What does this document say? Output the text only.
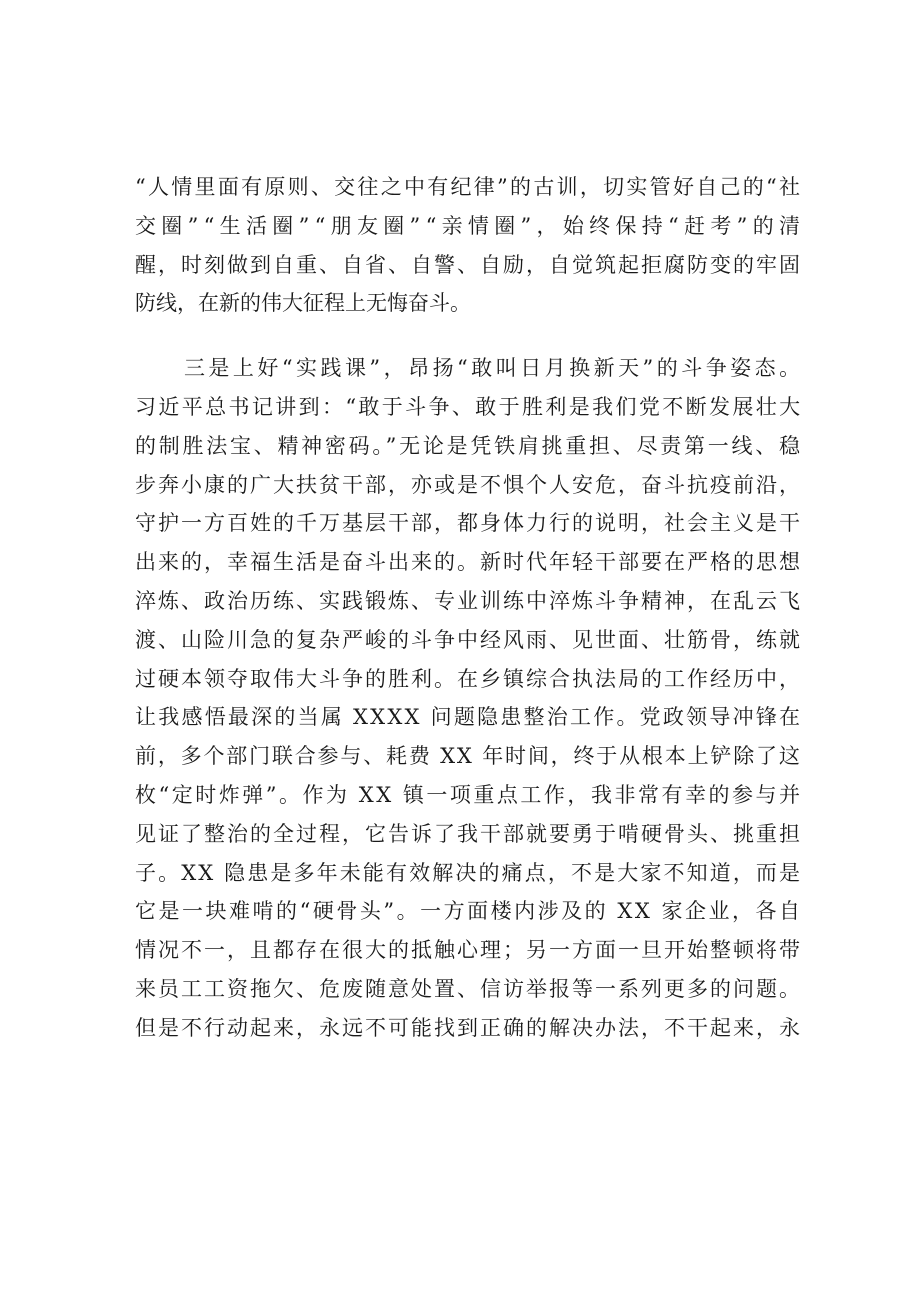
“人情里面有原则、交往之中有纪律”的古训，切实管好自己的“社
交圈”“生活圈”“朋友圈”“亲情圈”，始终保持“赶考”的清
醒，时刻做到自重、自省、自警、自励，自觉筑起拒腐防变的牢固
防线，在新的伟大征程上无悔奋斗。
　　三是上好“实践课”，昂扬“敢叫日月换新天”的斗争姿态。
习近平总书记讲到：“敢于斗争、敢于胜利是我们党不断发展壮大
的制胜法宝、精神密码。”无论是凭铁肩挑重担、尽责第一线、稳
步奔小康的广大扶贫干部，亦或是不惧个人安危，奋斗抗疫前沿，
守护一方百姓的千万基层干部，都身体力行的说明，社会主义是干
出来的，幸福生活是奋斗出来的。新时代年轻干部要在严格的思想
淬炼、政治历练、实践锻炼、专业训练中淬炼斗争精神，在乱云飞
渡、山险川急的复杂严峻的斗争中经风雨、见世面、壮筋骨，练就
过硬本领夺取伟大斗争的胜利。在乡镇综合执法局的工作经历中，
让我感悟最深的当属 XXXX 问题隐患整治工作。党政领导冲锋在
前，多个部门联合参与、耗费 XX 年时间，终于从根本上铲除了这
枚“定时炸弹”。作为 XX 镇一项重点工作，我非常有幸的参与并
见证了整治的全过程，它告诉了我干部就要勇于啃硬骨头、挑重担
子。XX 隐患是多年未能有效解决的痛点，不是大家不知道，而是
它是一块难啃的“硬骨头”。一方面楼内涉及的 XX 家企业，各自
情况不一，且都存在很大的抵触心理；另一方面一旦开始整顿将带
来员工工资拖欠、危废随意处置、信访举报等一系列更多的问题。
但是不行动起来，永远不可能找到正确的解决办法，不干起来，永
